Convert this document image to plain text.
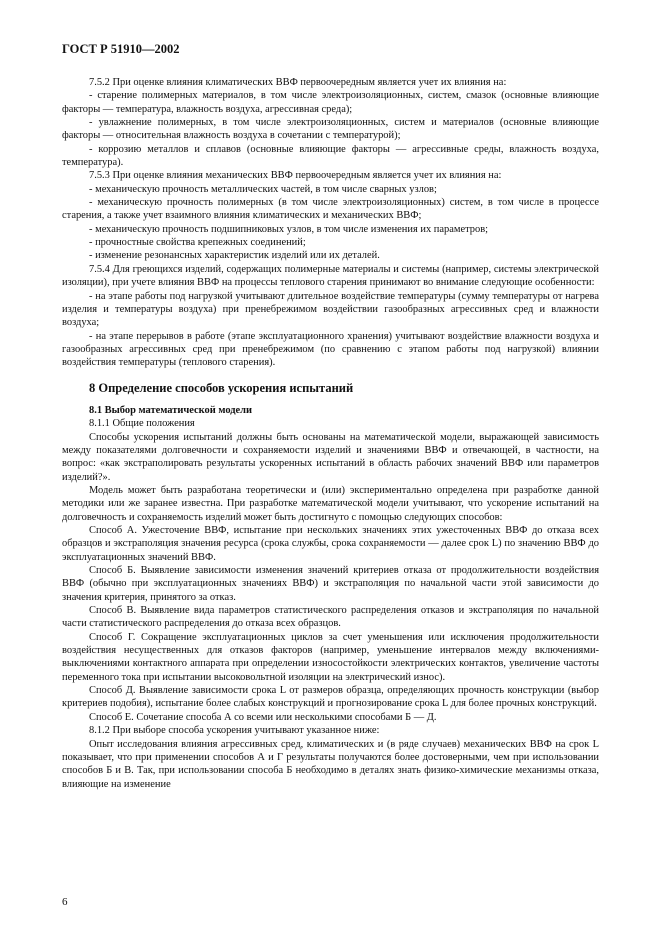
ГОСТ Р 51910—2002

7.5.2 При оценке влияния климатических ВВФ первоочередным является учет их влияния на:

- старение полимерных материалов, в том числе электроизоляционных, систем, смазок (основные влияющие факторы — температура, влажность воздуха, агрессивная среда);

- увлажнение полимерных, в том числе электроизоляционных, систем и материалов (основные влияющие факторы — относительная влажность воздуха в сочетании с температурой);

- коррозию металлов и сплавов (основные влияющие факторы — агрессивные среды, влажность воздуха, температура).

7.5.3 При оценке влияния механических ВВФ первоочередным является учет их влияния на:

- механическую прочность металлических частей, в том числе сварных узлов;

- механическую прочность полимерных (в том числе электроизоляционных) систем, в том числе в процессе старения, а также учет взаимного влияния климатических и механических ВВФ;

- механическую прочность подшипниковых узлов, в том числе изменения их параметров;

- прочностные свойства крепежных соединений;

- изменение резонансных характеристик изделий или их деталей.

7.5.4 Для греющихся изделий, содержащих полимерные материалы и системы (например, системы электрической изоляции), при учете влияния ВВФ на процессы теплового старения принимают во внимание следующие особенности:

- на этапе работы под нагрузкой учитывают длительное воздействие температуры (сумму температуры от нагрева изделия и температуры воздуха) при пренебрежимом воздействии газообразных агрессивных сред и влажности воздуха;

- на этапе перерывов в работе (этапе эксплуатационного хранения) учитывают воздействие влажности воздуха и газообразных агрессивных сред при пренебрежимом (по сравнению с этапом работы под нагрузкой) влиянии воздействия температуры (теплового старения).

8 Определение способов ускорения испытаний

8.1 Выбор математической модели

8.1.1 Общие положения

Способы ускорения испытаний должны быть основаны на математической модели, выражающей зависимость между показателями долговечности и сохраняемости изделий и значениями ВВФ и отвечающей, в частности, на вопрос: «как экстраполировать результаты ускоренных испытаний в область рабочих значений ВВФ или параметров изделий?».

Модель может быть разработана теоретически и (или) экспериментально определена при разработке данной методики или же заранее известна. При разработке математической модели учитывают, что ускорение испытаний на долговечность и сохраняемость изделий может быть достигнуто с помощью следующих способов:

Способ А. Ужесточение ВВФ, испытание при нескольких значениях этих ужесточенных ВВФ до отказа всех образцов и экстраполяция значения ресурса (срока службы, срока сохраняемости — далее срок L) по значению ВВФ до эксплуатационных значений ВВФ.

Способ Б. Выявление зависимости изменения значений критериев отказа от продолжительности воздействия ВВФ (обычно при эксплуатационных значениях ВВФ) и экстраполяция по начальной части этой зависимости до значения критерия, принятого за отказ.

Способ В. Выявление вида параметров статистического распределения отказов и экстраполяция по начальной части статистического распределения до отказа всех образцов.

Способ Г. Сокращение эксплуатационных циклов за счет уменьшения или исключения продолжительности воздействия несущественных для отказов факторов (например, уменьшение интервалов между включениями-выключениями контактного аппарата при определении износостойкости электрических контактов, увеличение частоты переменного тока при испытании высоковольтной изоляции на электрический износ).

Способ Д. Выявление зависимости срока L от размеров образца, определяющих прочность конструкции (выбор критериев подобия), испытание более слабых конструкций и прогнозирование срока L для более прочных конструкций.

Способ Е. Сочетание способа А со всеми или несколькими способами Б — Д.

8.1.2 При выборе способа ускорения учитывают указанное ниже:

Опыт исследования влияния агрессивных сред, климатических и (в ряде случаев) механических ВВФ на срок L показывает, что при применении способов А и Г результаты получаются более достоверными, чем при использовании способов Б и В. Так, при использовании способа Б необходимо в деталях знать физико-химические механизмы отказа, влияющие на изменение

6
